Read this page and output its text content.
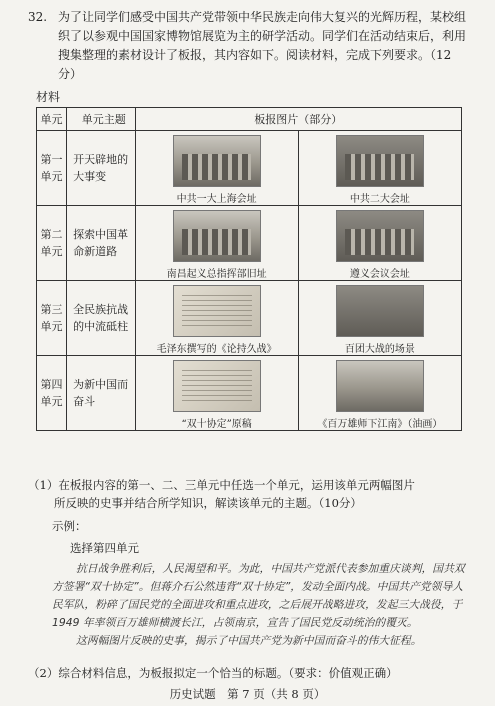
32. 为了让同学们感受中国共产党带领中华民族走向伟大复兴的光辉历程，某校组织了以参观中国国家博物馆展览为主的研学活动。同学们在活动结束后，利用搜集整理的素材设计了板报，其内容如下。阅读材料，完成下列要求。（12 分）
材料
单元	单元主题	板报图片（部分）	
第一单元	开天辟地的大事变	中共一大上海会址	中共二大会址

第二单元	探索中国革命新道路	南昌起义总指挥部旧址	遵义会议会址

第三单元	全民族抗战的中流砥柱	毛泽东撰写的《论持久战》	百团大战的场景

第四单元	为新中国而奋斗	“双十协定”原稿	《百万雄师下江南》（油画）
（1）在板报内容的第一、二、三单元中任选一个单元，运用该单元两幅图片
所反映的史事并结合所学知识，解读该单元的主题。（10分）
示例：
选择第四单元
抗日战争胜利后，人民渴望和平。为此，中国共产党派代表参加重庆谈判，国共双方签署“双十协定”。但蒋介石公然违背“双十协定”，发动全面内战。中国共产党领导人民军队，粉碎了国民党的全面进攻和重点进攻，之后展开战略进攻，发起三大战役，于 1949 年率领百万雄师横渡长江，占领南京，宣告了国民党反动统治的覆灭。
这两幅图片反映的史事，揭示了中国共产党为新中国而奋斗的伟大征程。
（2）综合材料信息，为板报拟定一个恰当的标题。（要求：价值观正确）
历史试题　第 7 页（共 8 页）
